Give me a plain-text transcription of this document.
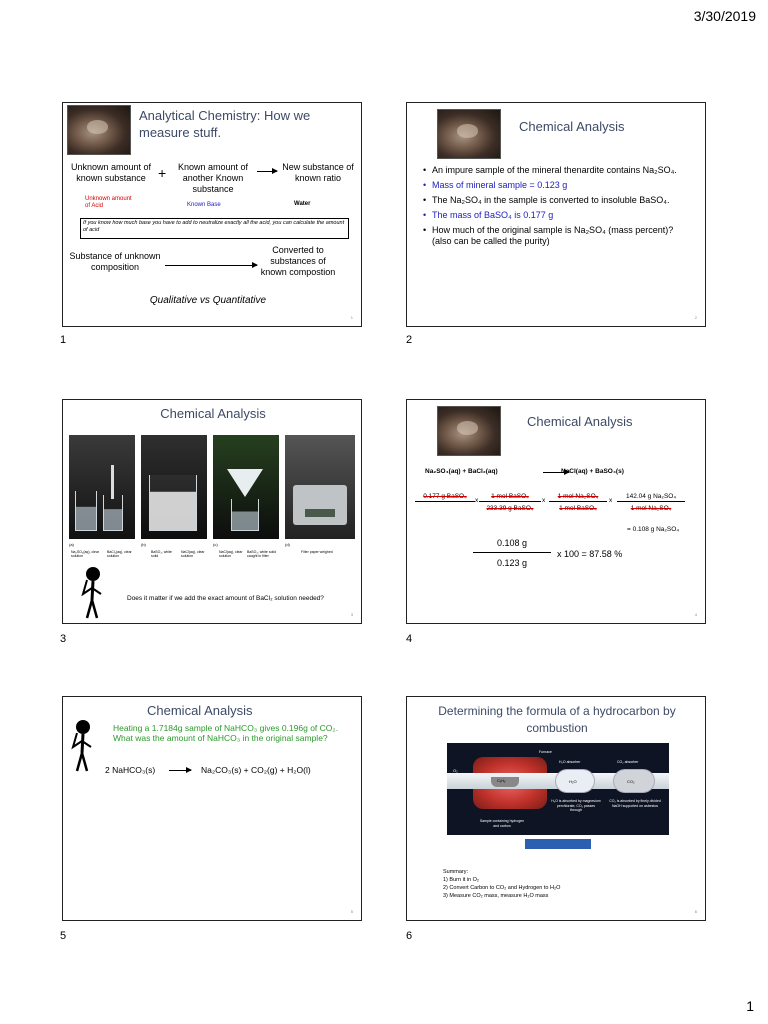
3/30/2019
Analytical Chemistry: How we measure stuff.
Unknown amount of known substance +	Known amount of another Known substance
→ New substance of known ratio
Unknown amount of Acid	Known Base	Water
If you know how much base you have to add to neutralize exactly all the acid, you can calculate the amount of acid
Substance of unknown composition
Converted to substances of known compostion
Qualitative vs Quantitative
1
1
Chemical Analysis
• An impure sample of the mineral thenardite contains Na₂SO₄.
• Mass of mineral sample = 0.123 g
• The Na₂SO₄ in the sample is converted to insoluble BaSO₄.
• The mass of BaSO₄ is 0.177 g
• How much of the original sample is Na₂SO₄ (mass percent)? (also can be called the purity)
2
2
Chemical Analysis
(a)	(b)	(c)	(d)
Na₂SO₄(aq), clear solution
BaCl₂(aq), clear solution
BaSO₄, white solid
NaCl(aq), clear solution
NaCl(aq), clear solution
BaSO₄, white solid caught in filter
Filter paper weighed
Does it matter if we add the exact amount of BaCl₂ solution needed?
3
3
Chemical Analysis
Na₂SO₄(aq) + BaCl₂(aq)	NaCl(aq) + BaSO₄(s)
0.177 g BaSO₄
x
1 mol BaSO₄
233.39 g BaSO₄
x
1 mol Na₂SO₄
1 mol BaSO₄
x
142.04 g Na₂SO₄
1 mol Na₂SO₄
= 0.108 g Na₂SO₄
$\frac{0.108 g}{0.123 g}$ x 100 = 87.58 %
4
4
Chemical Analysis
Heating a 1.7184g sample of NaHCO₃ gives 0.196g of CO₂. What was the amount of NaHCO₃ in the original sample?
2 NaHCO₃(s)	Na₂CO₃(s) + CO₂(g) + H₂O(l)
5
5
Determining the formula of a hydrocarbon by combustion
Furnace
O₂
CₓHᵧ	H₂O	CO₂
H₂O absorber	CO₂ absorber
H₂O is absorbed by magnesium perchlorate, CO₂ passes through
CO₂ is absorbed by finely divided NaOH supported on asbestos
Sample containing hydrogen and carbon
Summary:
1) Burn it in O₂
2) Convert Carbon to CO₂ and Hydrogen to H₂O
3) Measure CO₂ mass, measure H₂O mass
6
6
1
